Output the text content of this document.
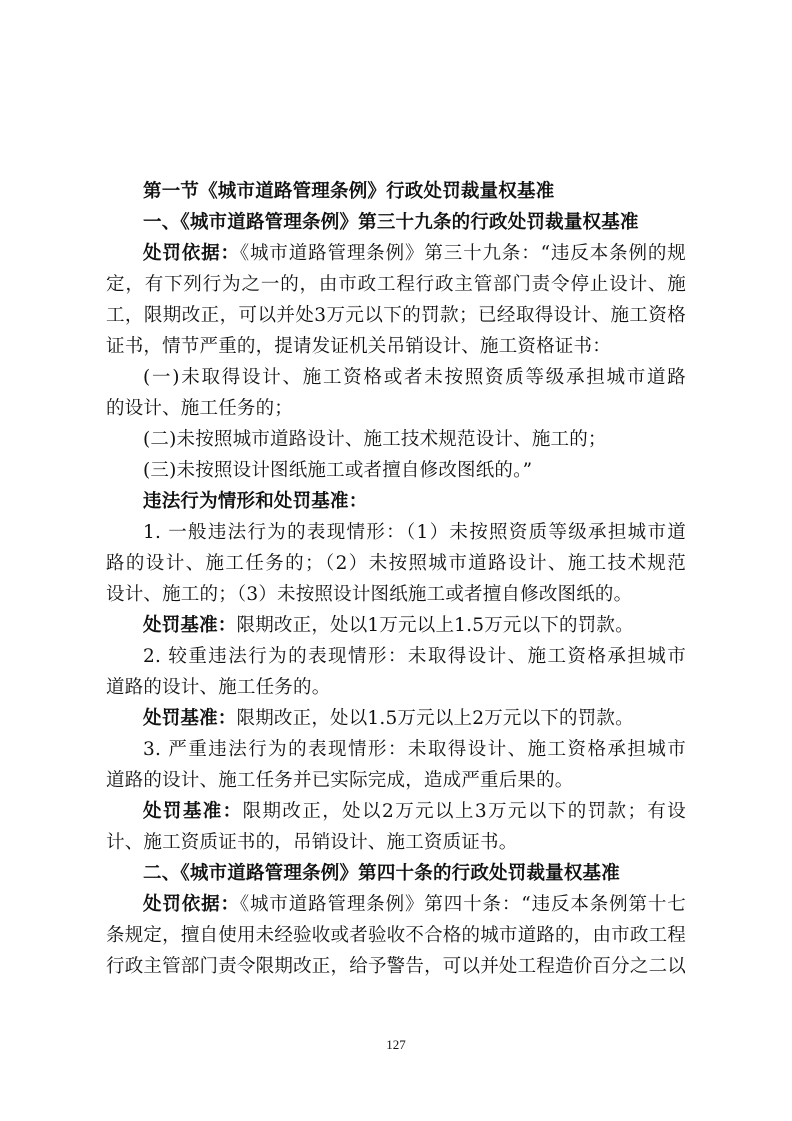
第一节《城市道路管理条例》行政处罚裁量权基准
一、《城市道路管理条例》第三十九条的行政处罚裁量权基准
处罚依据：《城市道路管理条例》第三十九条：“违反本条例的规
定，有下列行为之一的，由市政工程行政主管部门责令停止设计、施
工，限期改正，可以并处3万元以下的罚款；已经取得设计、施工资格
证书，情节严重的，提请发证机关吊销设计、施工资格证书：
(一)未取得设计、施工资格或者未按照资质等级承担城市道路
的设计、施工任务的；
(二)未按照城市道路设计、施工技术规范设计、施工的；
(三)未按照设计图纸施工或者擅自修改图纸的。”
违法行为情形和处罚基准：
1. 一般违法行为的表现情形：（1）未按照资质等级承担城市道
路的设计、施工任务的；（2）未按照城市道路设计、施工技术规范
设计、施工的；（3）未按照设计图纸施工或者擅自修改图纸的。
处罚基准：限期改正，处以1万元以上1.5万元以下的罚款。
2. 较重违法行为的表现情形：未取得设计、施工资格承担城市
道路的设计、施工任务的。
处罚基准：限期改正，处以1.5万元以上2万元以下的罚款。
3. 严重违法行为的表现情形：未取得设计、施工资格承担城市
道路的设计、施工任务并已实际完成，造成严重后果的。
处罚基准：限期改正，处以2万元以上3万元以下的罚款；有设
计、施工资质证书的，吊销设计、施工资质证书。
二、《城市道路管理条例》第四十条的行政处罚裁量权基准
处罚依据：《城市道路管理条例》第四十条：“违反本条例第十七
条规定，擅自使用未经验收或者验收不合格的城市道路的，由市政工程
行政主管部门责令限期改正，给予警告，可以并处工程造价百分之二以
127
